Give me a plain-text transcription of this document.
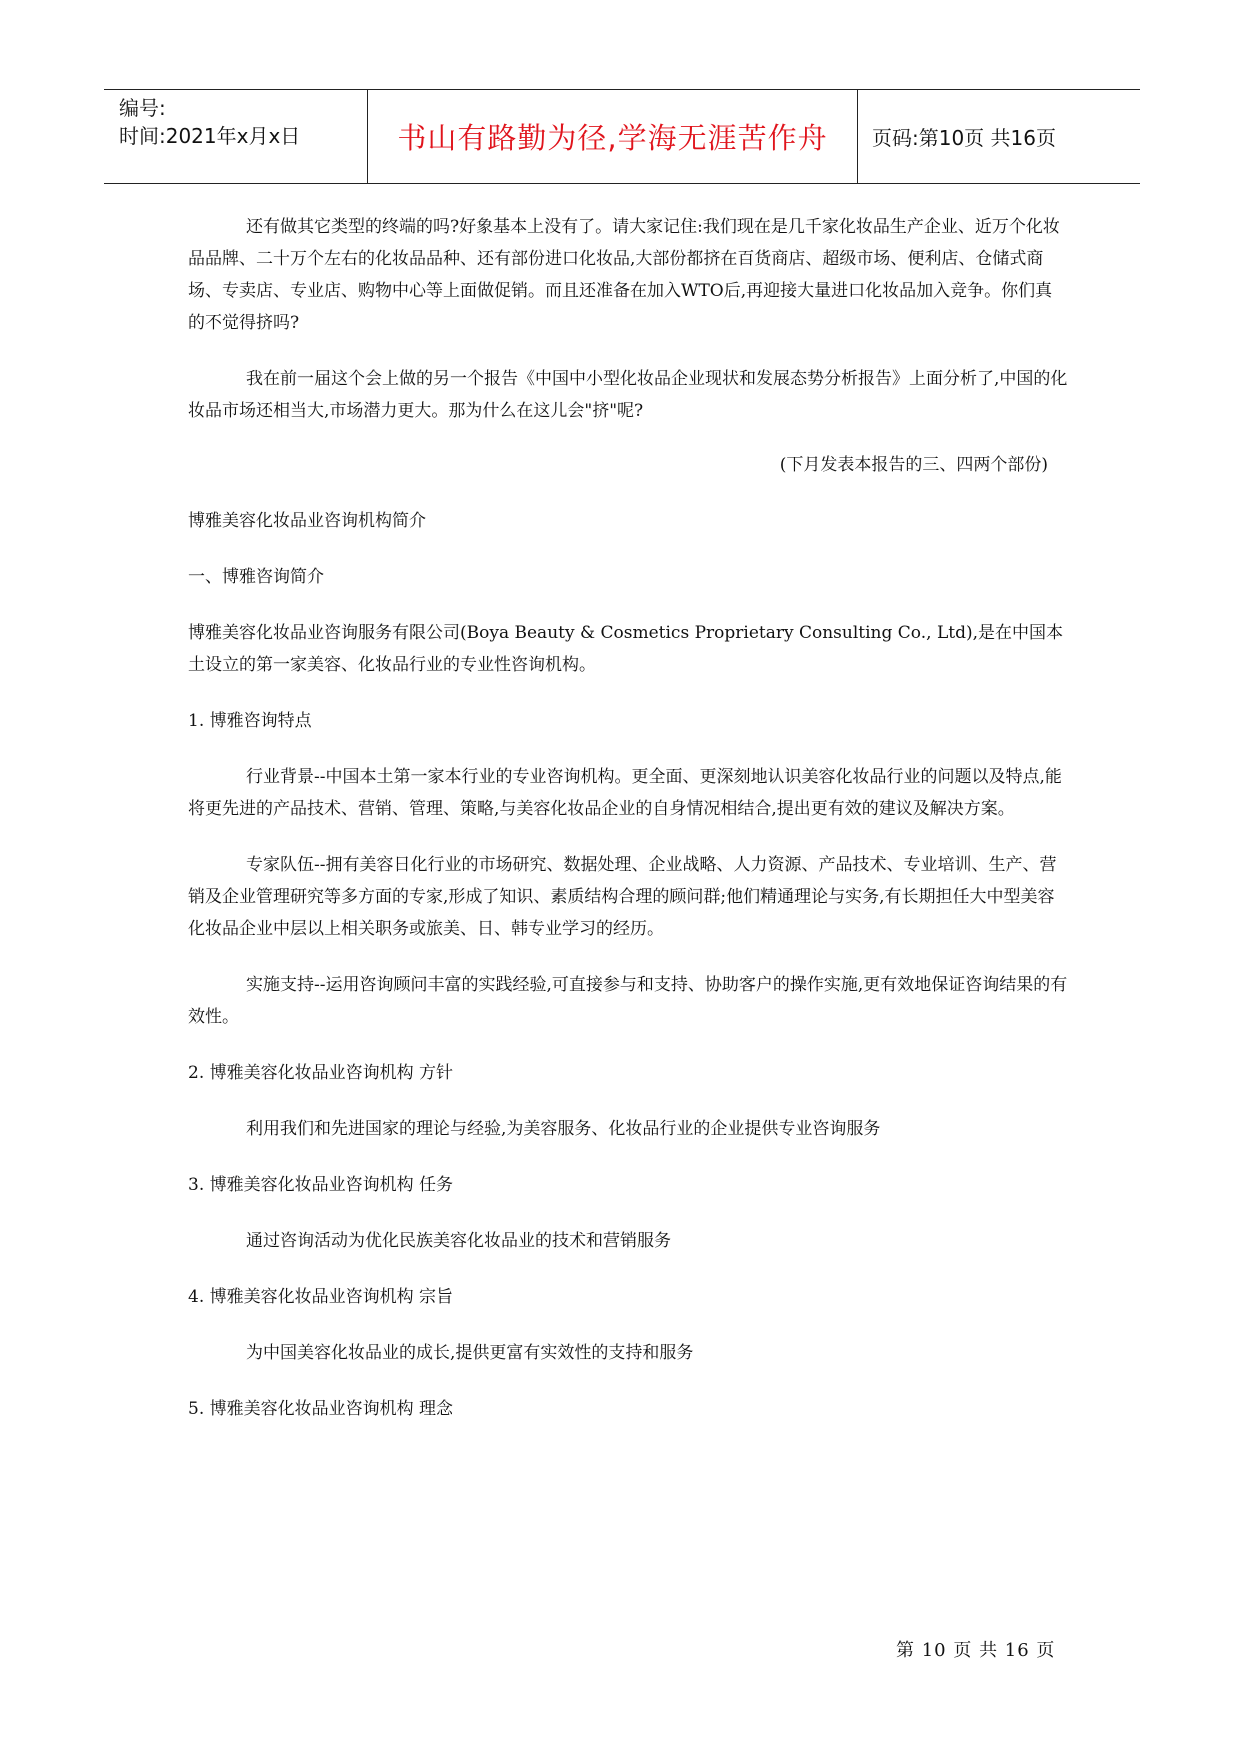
编号:
时间:2021年x月x日	书山有路勤为径,学海无涯苦作舟	页码:第10页 共16页

还有做其它类型的终端的吗?好象基本上没有了。请大家记住:我们现在是几千家化妆品生产企业、近万个化妆品品牌、二十万个左右的化妆品品种、还有部份进口化妆品,大部份都挤在百货商店、超级市场、便利店、仓储式商场、专卖店、专业店、购物中心等上面做促销。而且还准备在加入WTO后,再迎接大量进口化妆品加入竞争。你们真的不觉得挤吗?

我在前一届这个会上做的另一个报告《中国中小型化妆品企业现状和发展态势分析报告》上面分析了,中国的化妆品市场还相当大,市场潜力更大。那为什么在这儿会"挤"呢?

(下月发表本报告的三、四两个部份)

博雅美容化妆品业咨询机构简介

一、博雅咨询简介

博雅美容化妆品业咨询服务有限公司(Boya Beauty & Cosmetics Proprietary Consulting Co., Ltd),是在中国本土设立的第一家美容、化妆品行业的专业性咨询机构。

1. 博雅咨询特点

行业背景--中国本土第一家本行业的专业咨询机构。更全面、更深刻地认识美容化妆品行业的问题以及特点,能将更先进的产品技术、营销、管理、策略,与美容化妆品企业的自身情况相结合,提出更有效的建议及解决方案。

专家队伍--拥有美容日化行业的市场研究、数据处理、企业战略、人力资源、产品技术、专业培训、生产、营销及企业管理研究等多方面的专家,形成了知识、素质结构合理的顾问群;他们精通理论与实务,有长期担任大中型美容化妆品企业中层以上相关职务或旅美、日、韩专业学习的经历。

实施支持--运用咨询顾问丰富的实践经验,可直接参与和支持、协助客户的操作实施,更有效地保证咨询结果的有效性。

2. 博雅美容化妆品业咨询机构 方针

利用我们和先进国家的理论与经验,为美容服务、化妆品行业的企业提供专业咨询服务

3. 博雅美容化妆品业咨询机构 任务

通过咨询活动为优化民族美容化妆品业的技术和营销服务

4. 博雅美容化妆品业咨询机构 宗旨

为中国美容化妆品业的成长,提供更富有实效性的支持和服务

5. 博雅美容化妆品业咨询机构 理念

第 10 页 共 16 页
